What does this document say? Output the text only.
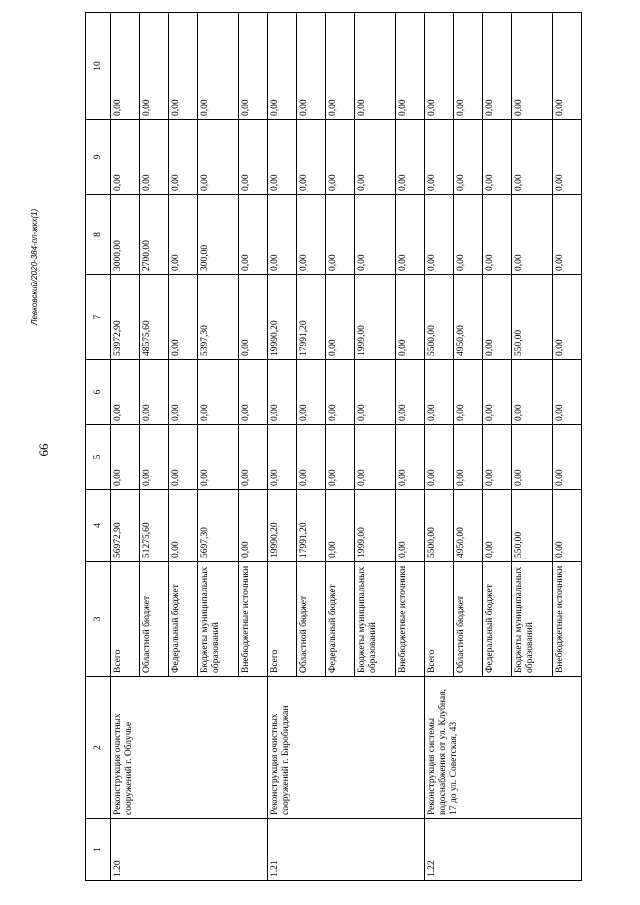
66
Левковский/2020-384-пп-жкх(1)
1	2	3	4	5	6	7	8	9	10
1.20	Реконструкция очистных сооружений г. Облучье	Всего	56972,90	0,00	0,00	53972,90	3000,00	0,00	0,00
		Областной бюджет	51275,60	0,00	0,00	48575,60	2700,00	0,00	0,00
		Федеральный бюджет	0,00	0,00	0,00	0,00	0,00	0,00	0,00
		Бюджеты муниципальных образований	5697,30	0,00	0,00	5397,30	300,00	0,00	0,00
		Внебюджетные источники	0,00	0,00	0,00	0,00	0,00	0,00	0,00
1.21	Реконструкция очистных сооружений г. Биробиджан	Всего	19990,20	0,00	0,00	19990,20	0,00	0,00	0,00
		Областной бюджет	17991,20	0,00	0,00	17991,20	0,00	0,00	0,00
		Федеральный бюджет	0,00	0,00	0,00	0,00	0,00	0,00	0,00
		Бюджеты муниципальных образований	1999,00	0,00	0,00	1999,00	0,00	0,00	0,00
		Внебюджетные источники	0,00	0,00	0,00	0,00	0,00	0,00	0,00
1.22	Реконструкция системы водоснабжения от ул. Клубная, 17 до ул. Советская, 43	Всего	5500,00	0,00	0,00	5500,00	0,00	0,00	0,00
		Областной бюджет	4950,00	0,00	0,00	4950,00	0,00	0,00	0,00
		Федеральный бюджет	0,00	0,00	0,00	0,00	0,00	0,00	0,00
		Бюджеты муниципальных образований	550,00	0,00	0,00	550,00	0,00	0,00	0,00
		Внебюджетные источники	0,00	0,00	0,00	0,00	0,00	0,00	0,00
